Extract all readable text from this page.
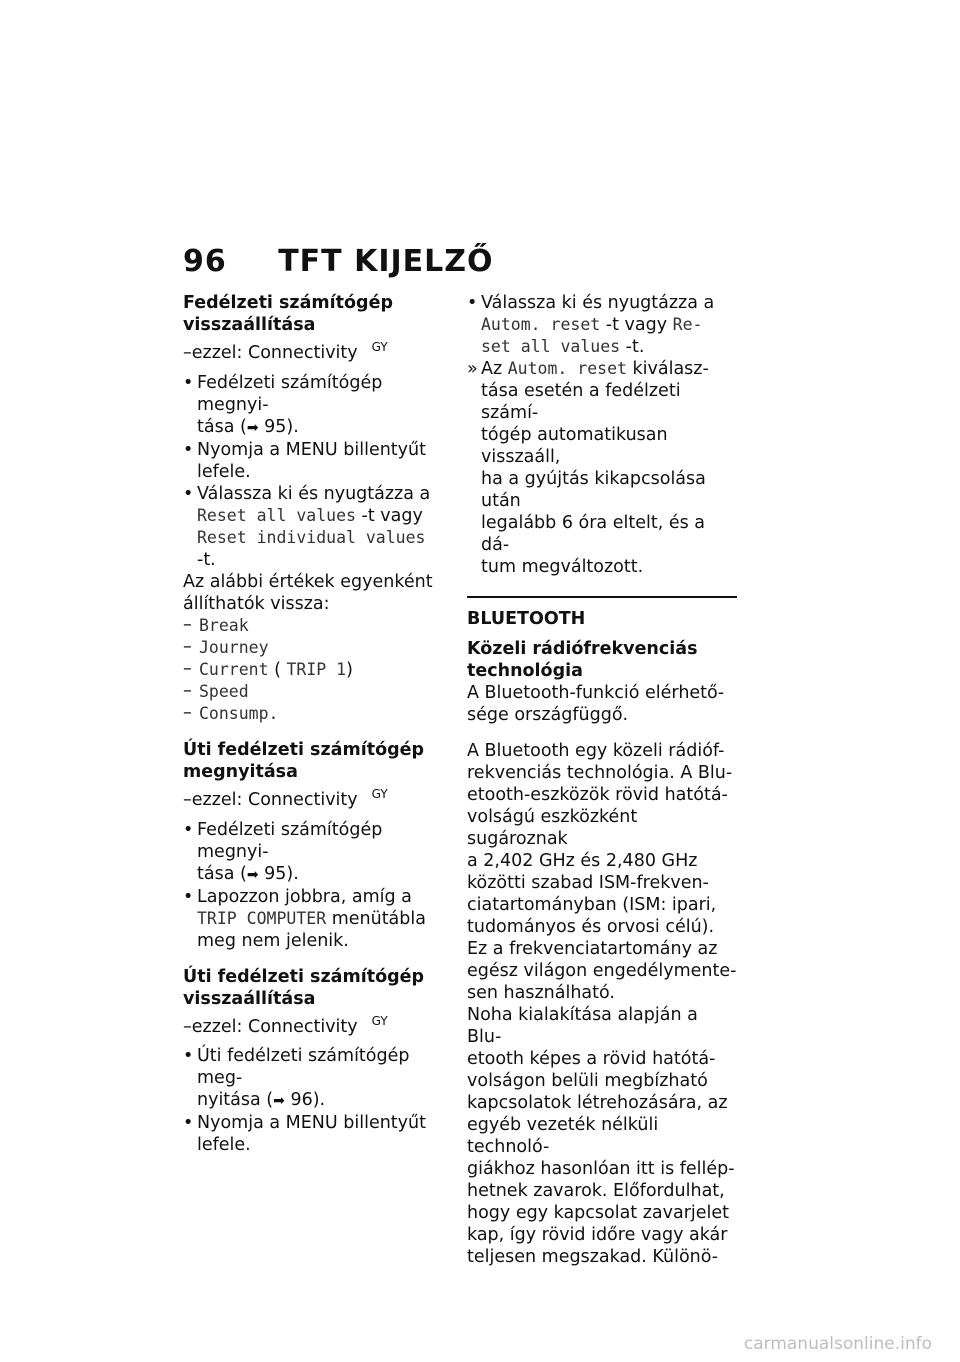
96 TFT KIJELZŐ

Fedélzeti számítógép
visszaállítása

–ezzel: Connectivity $^{GY}$

• Fedélzeti számítógép megnyi-
tása (➡ 95).
• Nyomja a MENU billentyűt
lefele.
• Válassza ki és nyugtázza a
Reset all values -t vagy
Reset individual values
-t.

Az alábbi értékek egyenként
állíthatók vissza:

– Break
– Journey
– Current ( TRIP 1)
– Speed
– Consump.

Úti fedélzeti számítógép
megnyitása

–ezzel: Connectivity $^{GY}$

• Fedélzeti számítógép megnyi-
tása (➡ 95).
• Lapozzon jobbra, amíg a
TRIP COMPUTER menütábla
meg nem jelenik.

Úti fedélzeti számítógép
visszaállítása

–ezzel: Connectivity $^{GY}$

• Úti fedélzeti számítógép meg-
nyitása (➡ 96).
• Nyomja a MENU billentyűt
lefele.
• Válassza ki és nyugtázza a
Autom. reset -t vagy Re-
set all values -t.
» Az Autom. reset kiválasz-
tása esetén a fedélzeti számí-
tógép automatikusan visszaáll,
ha a gyújtás kikapcsolása után
legalább 6 óra eltelt, és a dá-
tum megváltozott.

BLUETOOTH

Közeli rádiófrekvenciás
technológia

A Bluetooth-funkció elérhető-
sége országfüggő.

A Bluetooth egy közeli rádióf-
rekvenciás technológia. A Blu-
etooth-eszközök rövid hatótá-
volságú eszközként sugároznak
a 2,402 GHz és 2,480 GHz
közötti szabad ISM-frekven-
ciatartományban (ISM: ipari,
tudományos és orvosi célú).
Ez a frekvenciatartomány az
egész világon engedélymente-
sen használható.
Noha kialakítása alapján a Blu-
etooth képes a rövid hatótá-
volságon belüli megbízható
kapcsolatok létrehozására, az
egyéb vezeték nélküli technoló-
giákhoz hasonlóan itt is fellép-
hetnek zavarok. Előfordulhat,
hogy egy kapcsolat zavarjelet
kap, így rövid időre vagy akár
teljesen megszakad. Különö-

carmanualsonline.info
